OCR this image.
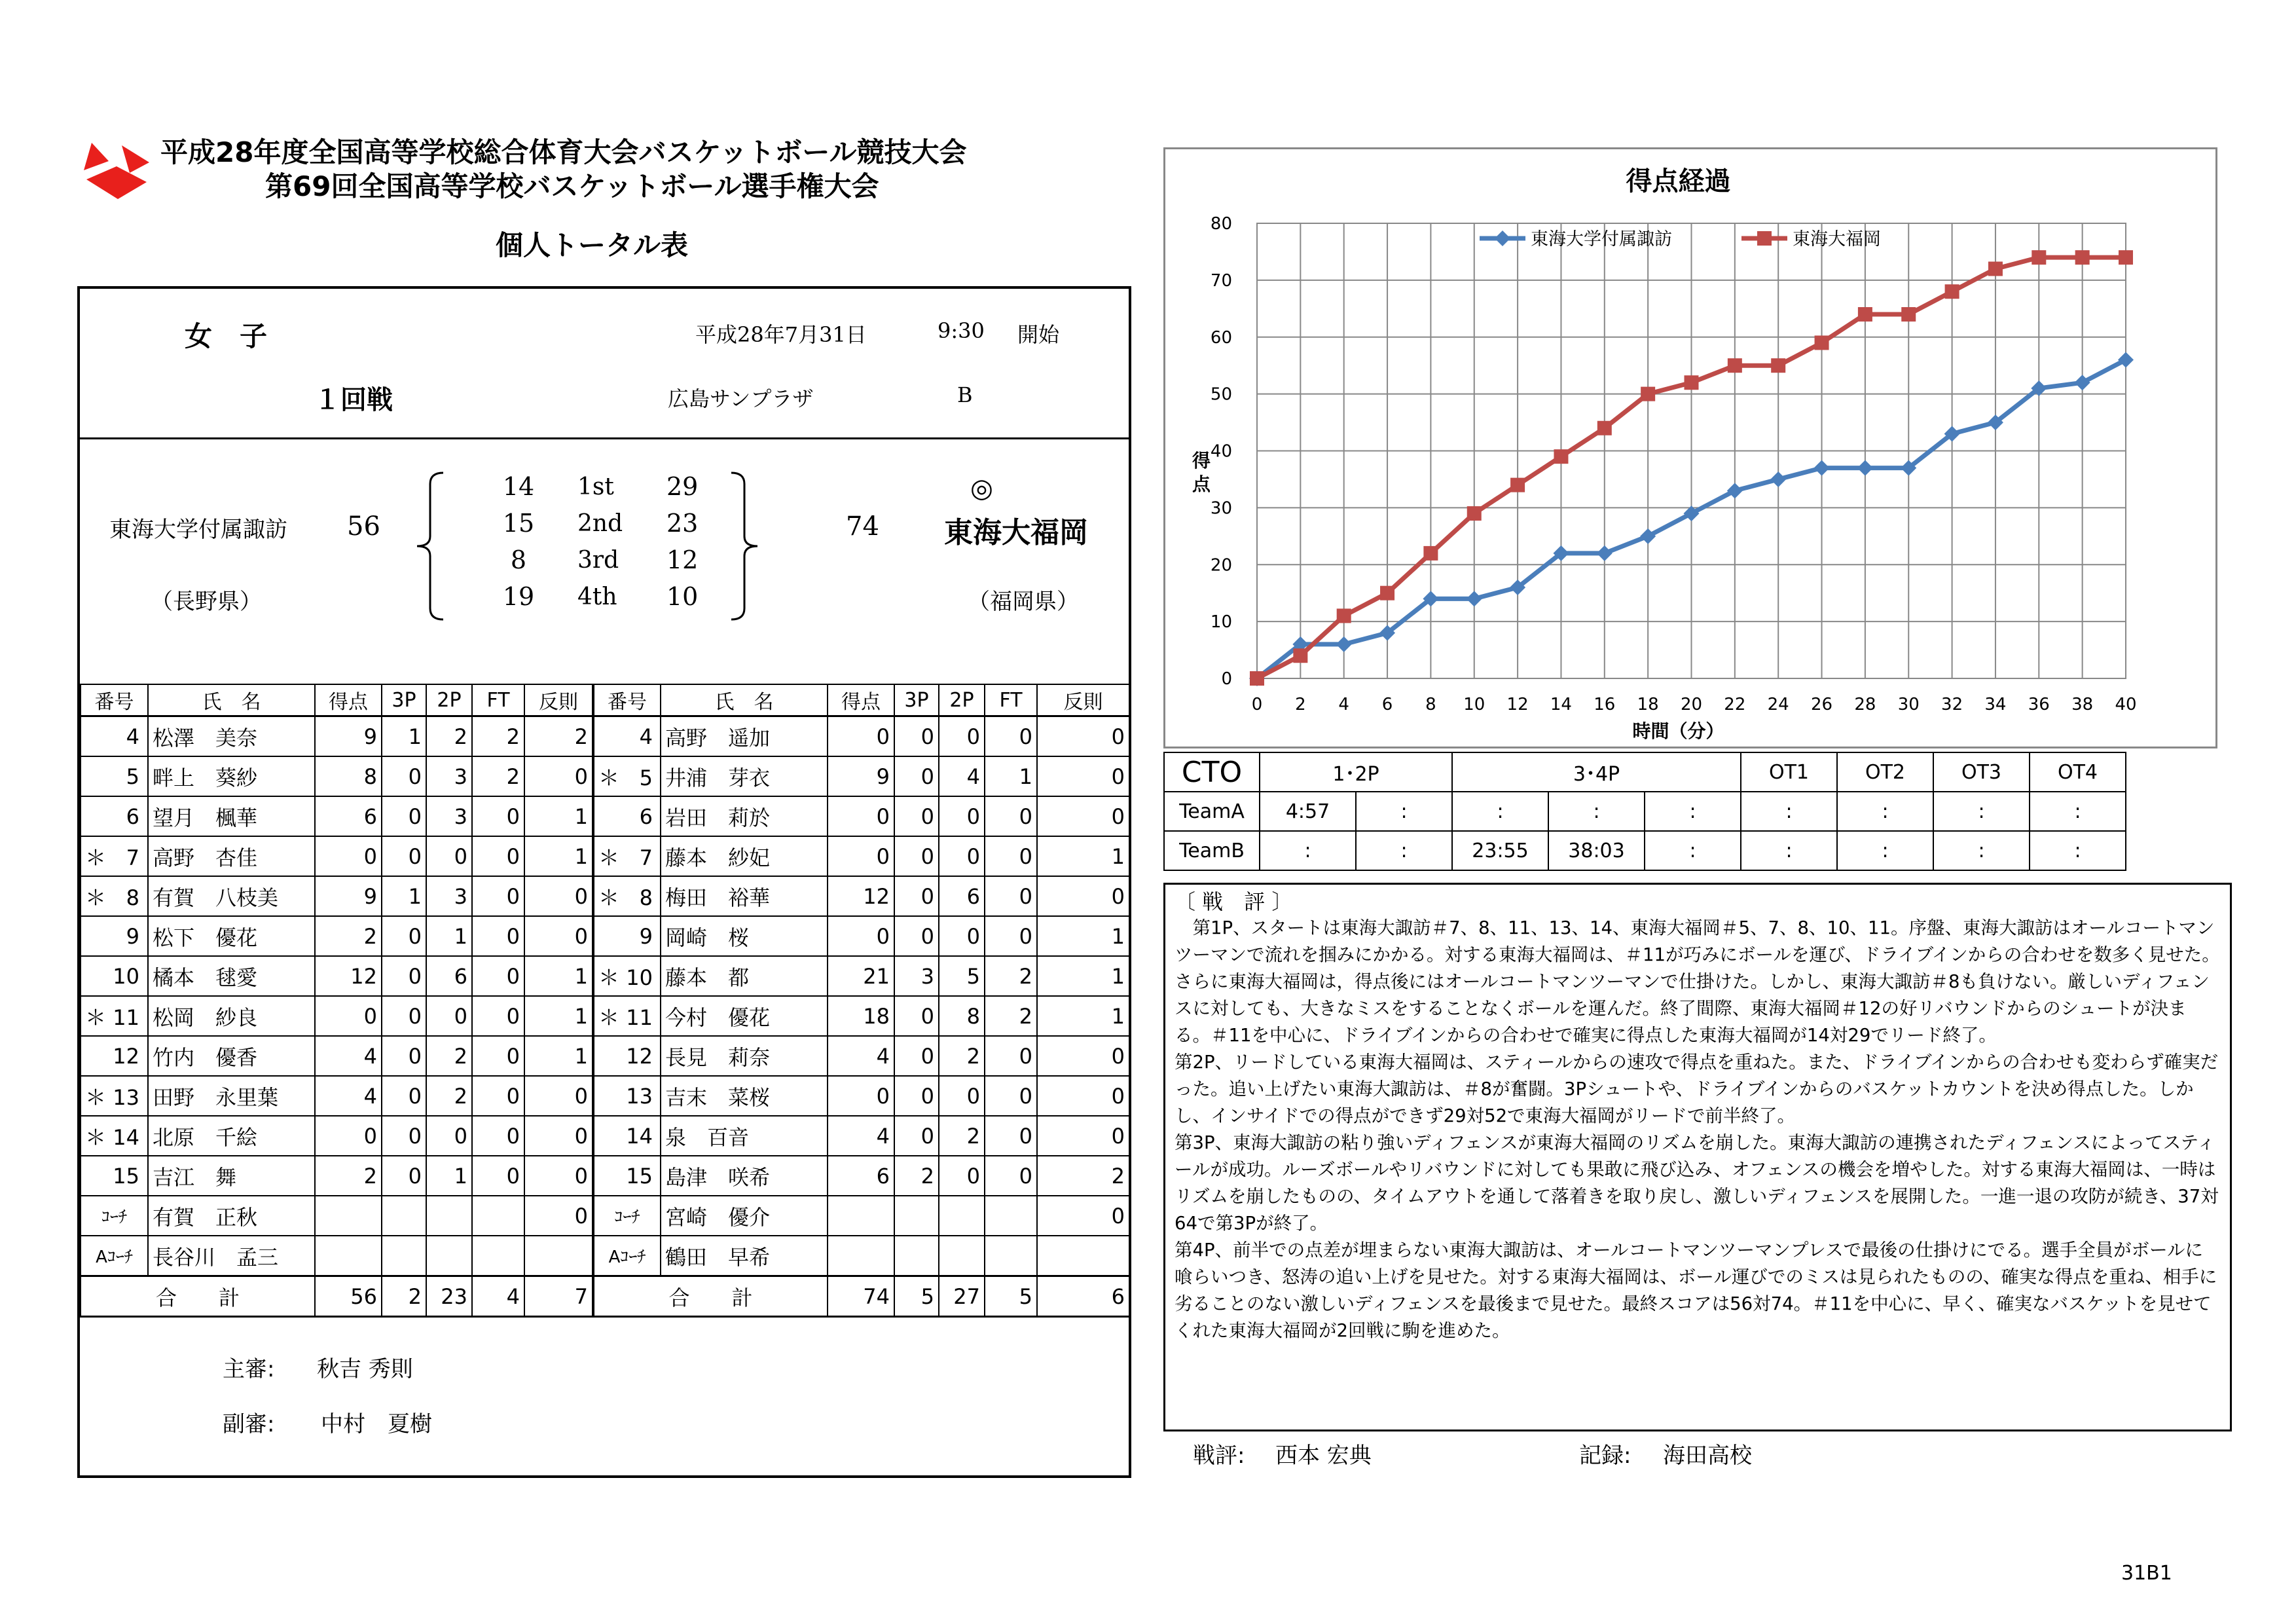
平成28年度全国高等学校総合体育大会バスケットボール競技大会
第69回全国高等学校バスケットボール選手権大会
個人トータル表
女　子	平成28年7月31日	9:30 開始
１回戦	広島サンプラザ	B
東海大学付属諏訪 56
（長野県）
14	1st 29
15	2nd 23
8	3rd 12
19	4th 10
74
◎
東海大福岡
（福岡県）
番号	氏　名	得点	3P	2P	FT	反則	番号	氏　名	得点	3P	2P	FT	反則
4	松澤　美奈	9	1	2	2	2	4	高野　遥加	0	0	0	0	0
5	畔上　葵紗	8	0	3	2	0	＊ 5	井浦　芽衣	9	0	4	1	0
6	望月　楓華	6	0	3	0	1	6	岩田　莉於	0	0	0	0	0
＊ 7	高野　杏佳	0	0	0	0	1	＊ 7	藤本　紗妃	0	0	0	0	1
＊ 8	有賀　八枝美	9	1	3	0	0	＊ 8	梅田　裕華	12	0	6	0	0
9	松下　優花	2	0	1	0	0	9	岡崎　桜	0	0	0	0	1
10	橘本　毬愛	12	0	6	0	1	＊ 10	藤本　都	21	3	5	2	1
＊ 11	松岡　紗良	0	0	0	0	1	＊ 11	今村　優花	18	0	8	2	1
12	竹内　優香	4	0	2	0	1	12	長見　莉奈	4	0	2	0	0
＊ 13	田野　永里葉	4	0	2	0	0	13	吉末　菜桜	0	0	0	0	0
＊ 14	北原　千絵	0	0	0	0	0	14	泉　百音	4	0	2	0	0
15	吉江　舞	2	0	1	0	0	15	島津　咲希	6	2	0	0	2
ｺｰﾁ	有賀　正秋					0	ｺｰﾁ	宮崎　優介					0
Aｺｰﾁ	長谷川　孟三						Aｺｰﾁ	鶴田　早希					
合　　計		56	2	23	4	7	合　　計		74	5	27	5	6
主審: 秋吉 秀則
副審: 中村　夏樹
0
10
20
30
40
50
60
70
80
0 2 4 6 8 10 12 14 16 18 20 22 24 26 28 30 32 34 36 38 40
得点経過
時間（分）
得
点
東海大学付属諏訪	東海大福岡
CTO	1･2P		3･4P			OT1	OT2	OT3	OT4
TeamA	4:57	:	:	:	:	:	:	:	:
TeamB	:	:	23:55	38:03	:	:	:	:	:
〔 戦　評 〕

　第1P、スタートは東海大諏訪＃7、8、11、13、14、東海大福岡＃5、7、8、10、11。序盤、東海大諏訪はオールコートマンツーマンで流れを掴みにかかる。対する東海大福岡は、＃11が巧みにボールを運び、ドライブインからの合わせを数多く見せた。さらに東海大福岡は，得点後にはオールコートマンツーマンで仕掛けた。しかし、東海大諏訪＃8も負けない。厳しいディフェンスに対しても、大きなミスをすることなくボールを運んだ。終了間際、東海大福岡＃12の好リバウンドからのシュートが決まる。＃11を中心に、ドライブインからの合わせで確実に得点した東海大福岡が14対29でリード終了。

第2P、リードしている東海大福岡は、スティールからの速攻で得点を重ねた。また、ドライブインからの合わせも変わらず確実だった。追い上げたい東海大諏訪は、＃8が奮闘。3Pシュートや、ドライブインからのバスケットカウントを決め得点した。しかし、インサイドでの得点ができず29対52で東海大福岡がリードで前半終了。

第3P、東海大諏訪の粘り強いディフェンスが東海大福岡のリズムを崩した。東海大諏訪の連携されたディフェンスによってスティールが成功。ルーズボールやリバウンドに対しても果敢に飛び込み、オフェンスの機会を増やした。対する東海大福岡は、一時はリズムを崩したものの、タイムアウトを通して落着きを取り戻し、激しいディフェンスを展開した。一進一退の攻防が続き、37対64で第3Pが終了。

第4P、前半での点差が埋まらない東海大諏訪は、オールコートマンツーマンプレスで最後の仕掛けにでる。選手全員がボールに喰らいつき、怒涛の追い上げを見せた。対する東海大福岡は、ボール運びでのミスは見られたものの、確実な得点を重ね、相手に劣ることのない激しいディフェンスを最後まで見せた。最終スコアは56対74。＃11を中心に、早く、確実なバスケットを見せてくれた東海大福岡が2回戦に駒を進めた。

戦評: 西本 宏典	記録: 海田高校
31B1
